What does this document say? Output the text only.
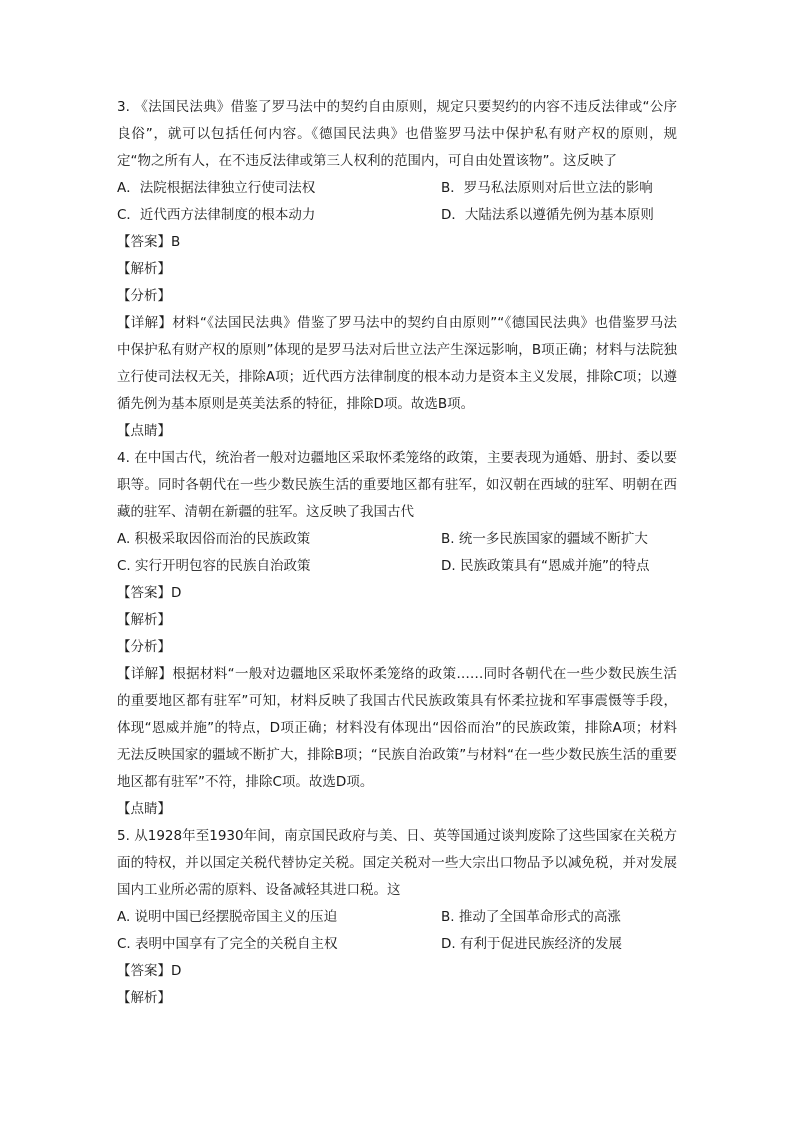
3. 《法国民法典》借鉴了罗马法中的契约自由原则，规定只要契约的内容不违反法律或“公序良俗”，就可以包括任何内容。《德国民法典》也借鉴罗马法中保护私有财产权的原则，规定“物之所有人，在不违反法律或第三人权利的范围内，可自由处置该物”。这反映了
A．法院根据法律独立行使司法权	B．罗马私法原则对后世立法的影响
C．近代西方法律制度的根本动力	D．大陆法系以遵循先例为基本原则
【答案】B
【解析】
【分析】
【详解】材料“《法国民法典》借鉴了罗马法中的契约自由原则”“《德国民法典》也借鉴罗马法中保护私有财产权的原则”体现的是罗马法对后世立法产生深远影响，B项正确；材料与法院独立行使司法权无关，排除A项；近代西方法律制度的根本动力是资本主义发展，排除C项；以遵循先例为基本原则是英美法系的特征，排除D项。故选B项。
【点睛】
4. 在中国古代，统治者一般对边疆地区采取怀柔笼络的政策，主要表现为通婚、册封、委以要职等。同时各朝代在一些少数民族生活的重要地区都有驻军，如汉朝在西域的驻军、明朝在西藏的驻军、清朝在新疆的驻军。这反映了我国古代
A. 积极采取因俗而治的民族政策	B. 统一多民族国家的疆域不断扩大
C. 实行开明包容的民族自治政策	D. 民族政策具有“恩威并施”的特点
【答案】D
【解析】
【分析】
【详解】根据材料“一般对边疆地区采取怀柔笼络的政策……同时各朝代在一些少数民族生活的重要地区都有驻军”可知，材料反映了我国古代民族政策具有怀柔拉拢和军事震慑等手段，体现“恩威并施”的特点，D项正确；材料没有体现出“因俗而治”的民族政策，排除A项；材料无法反映国家的疆域不断扩大，排除B项；“民族自治政策”与材料“在一些少数民族生活的重要地区都有驻军”不符，排除C项。故选D项。
【点睛】
5. 从1928年至1930年间，南京国民政府与美、日、英等国通过谈判废除了这些国家在关税方面的特权，并以国定关税代替协定关税。国定关税对一些大宗出口物品予以减免税，并对发展国内工业所必需的原料、设备减轻其进口税。这
A. 说明中国已经摆脱帝国主义的压迫	B. 推动了全国革命形式的高涨
C. 表明中国享有了完全的关税自主权	D. 有利于促进民族经济的发展
【答案】D
【解析】
